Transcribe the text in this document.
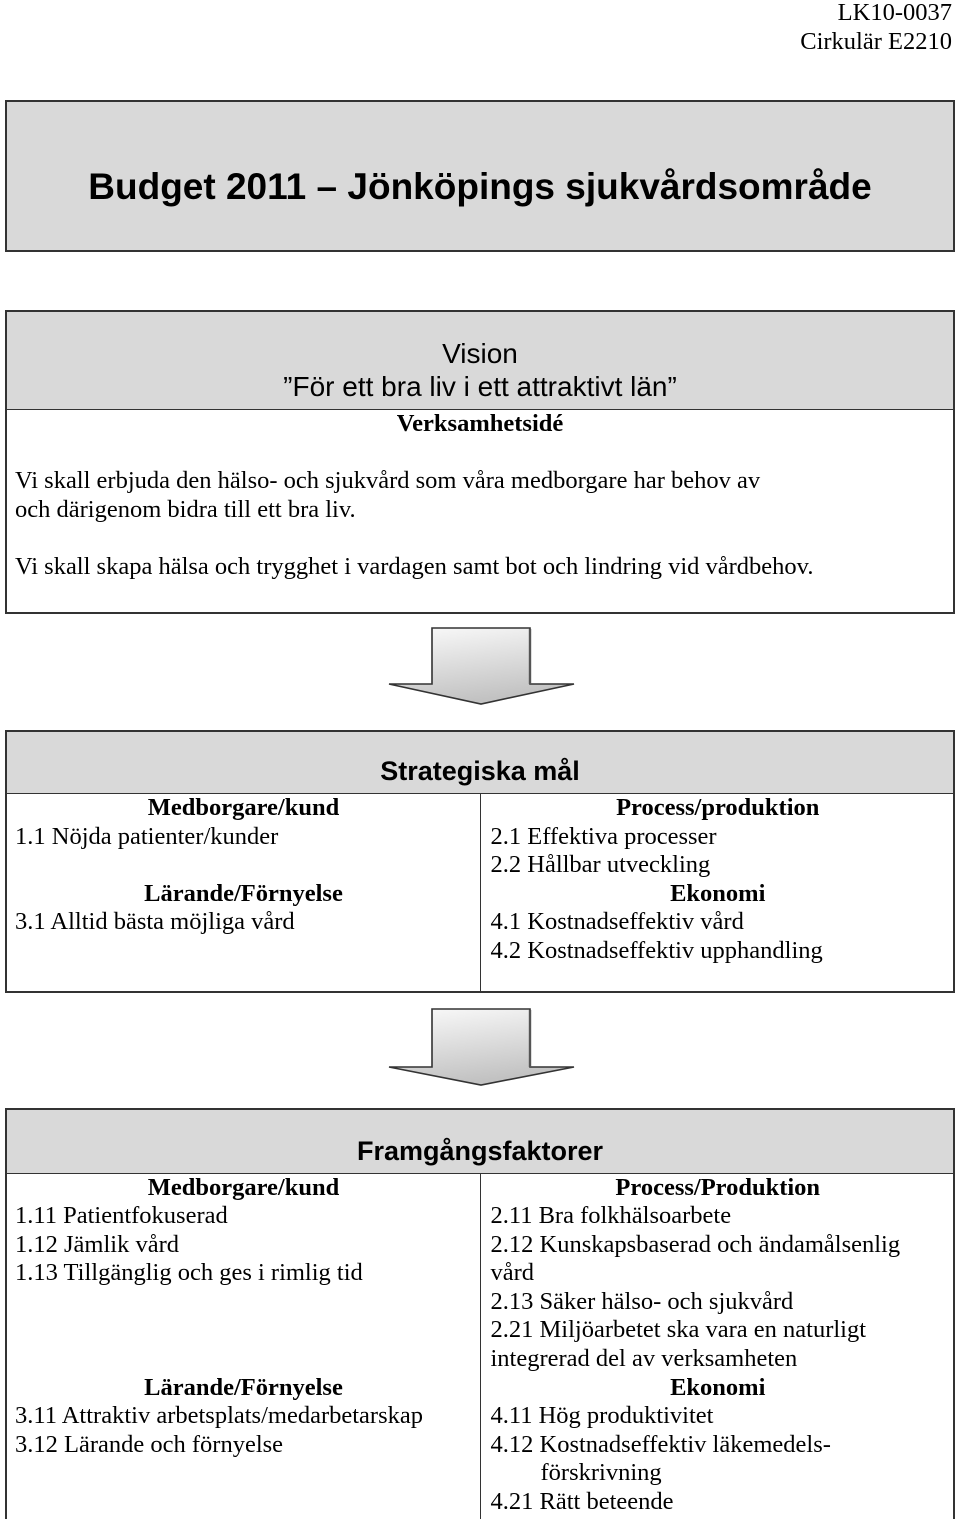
LK10-0037
Cirkulär E2210
Budget 2011 – Jönköpings sjukvårdsområde
Vision
”För ett bra liv i ett attraktivt län”
Verksamhetsidé

Vi skall erbjuda den hälso- och sjukvård som våra medborgare har behov av
och därigenom bidra till ett bra liv.

Vi skall skapa hälsa och trygghet i vardagen samt bot och lindring vid vårdbehov.

Strategiska mål
Medborgare/kund
1.1 Nöjda patienter/kunder
Process/produktion
2.1 Effektiva processer
2.2 Hållbar utveckling
Lärande/Förnyelse
3.1 Alltid bästa möjliga vård
Ekonomi
4.1 Kostnadseffektiv vård
4.2 Kostnadseffektiv upphandling
Framgångsfaktorer
Medborgare/kund
1.11 Patientfokuserad
1.12 Jämlik vård
1.13 Tillgänglig och ges i rimlig tid
Process/Produktion
2.11 Bra folkhälsoarbete
2.12 Kunskapsbaserad och ändamålsenlig
vård
2.13 Säker hälso- och sjukvård
2.21 Miljöarbetet ska vara en naturligt
integrerad del av verksamheten
Lärande/Förnyelse
3.11 Attraktiv arbetsplats/medarbetarskap
3.12 Lärande och förnyelse
Ekonomi
4.11 Hög produktivitet
4.12 Kostnadseffektiv läkemedels-
förskrivning
4.21 Rätt beteende
